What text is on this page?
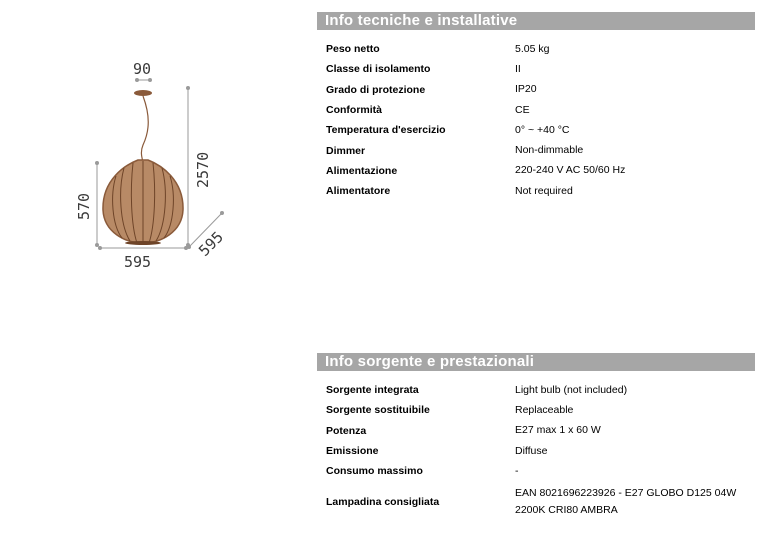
90
2570
570
595
595
Info tecniche e installative
Peso netto	5.05 kg
Classe di isolamento	II
Grado di protezione	IP20
Conformità	CE
Temperatura d'esercizio	0° ~ +40 °C
Dimmer	Non-dimmable
Alimentazione	220-240 V AC 50/60 Hz
Alimentatore	Not required
Info sorgente e prestazionali
Sorgente integrata	Light bulb (not included)
Sorgente sostituibile	Replaceable
Potenza	E27 max 1 x 60 W
Emissione	Diffuse
Consumo massimo	-
Lampadina consigliata
EAN 8021696223926 - E27 GLOBO D125 04W
2200K CRI80 AMBRA
